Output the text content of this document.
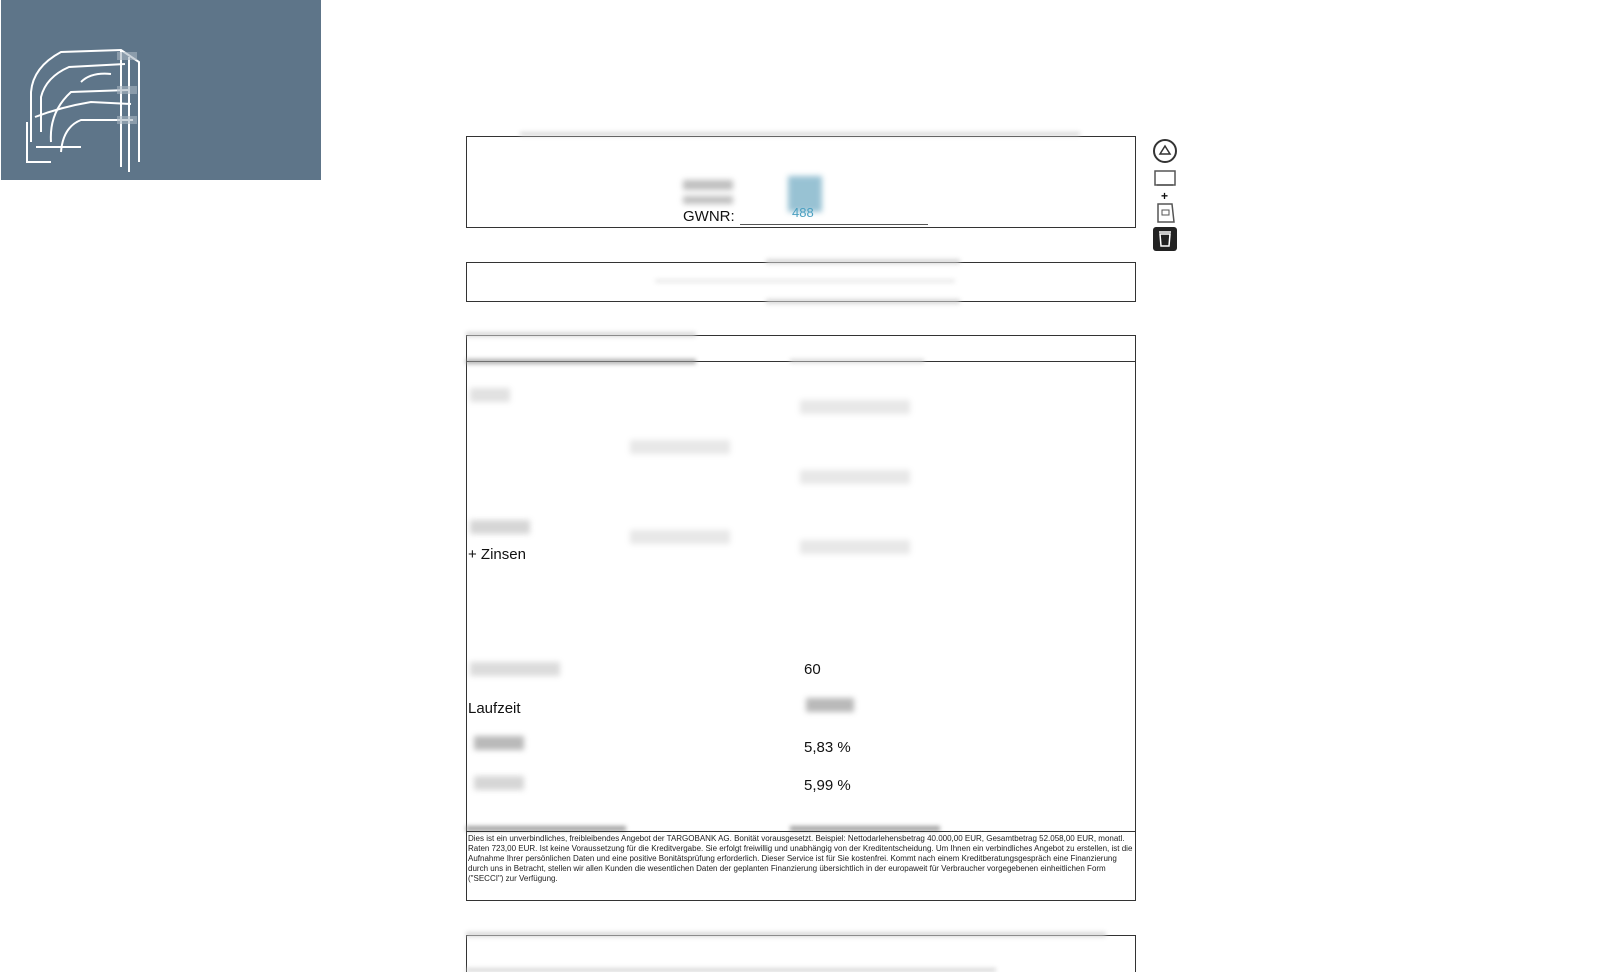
GWNR:	488
+ Zinsen
60
Laufzeit
5,83 %
5,99 %
Dies ist ein unverbindliches, freibleibendes Angebot der TARGOBANK AG. Bonität vorausgesetzt. Beispiel: Nettodarlehensbetrag 40.000,00 EUR, Gesamtbetrag 52.058,00 EUR, monatl. Raten 723,00 EUR. Ist keine Voraussetzung für die Kreditvergabe. Sie erfolgt freiwillig und unabhängig von der Kreditentscheidung. Um Ihnen ein verbindliches Angebot zu erstellen, ist die Aufnahme Ihrer persönlichen Daten und eine positive Bonitätsprüfung erforderlich. Dieser Service ist für Sie kostenfrei. Kommt nach einem Kreditberatungsgespräch eine Finanzierung durch uns in Betracht, stellen wir allen Kunden die wesentlichen Daten der geplanten Finanzierung übersichtlich in der europaweit für Verbraucher vorgegebenen einheitlichen Form ("SECCI") zur Verfügung.
+
